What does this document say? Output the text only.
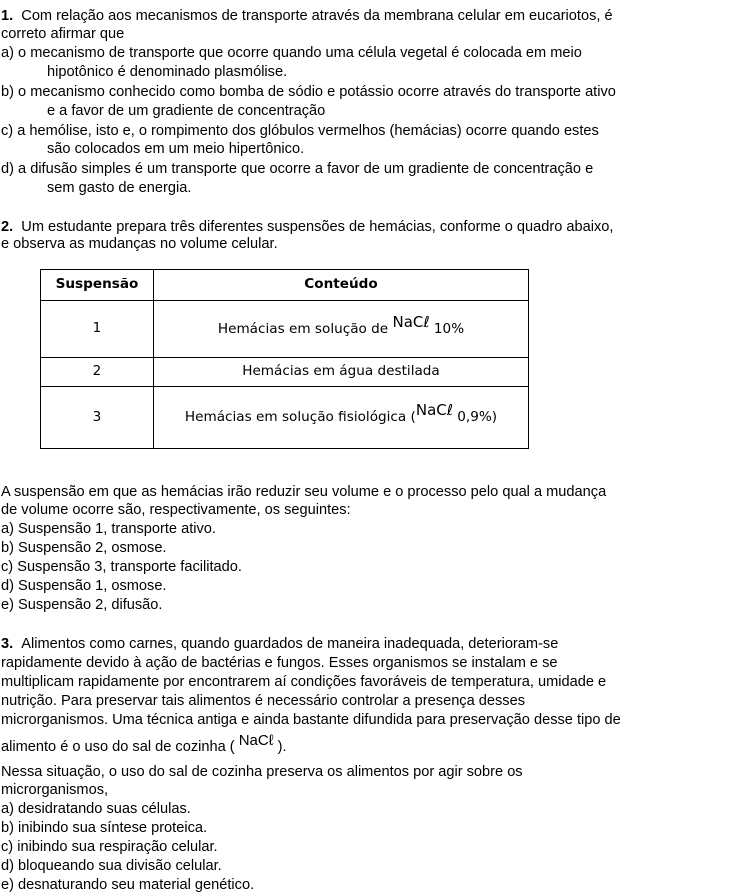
1. Com relação aos mecanismos de transporte através da membrana celular em eucariotos, é
correto afirmar que
a) o mecanismo de transporte que ocorre quando uma célula vegetal é colocada em meio
hipotônico é denominado plasmólise.
b) o mecanismo conhecido como bomba de sódio e potássio ocorre através do transporte ativo
e a favor de um gradiente de concentração
c) a hemólise, isto e, o rompimento dos glóbulos vermelhos (hemácias) ocorre quando estes
são colocados em um meio hipertônico.
d) a difusão simples é um transporte que ocorre a favor de um gradiente de concentração e
sem gasto de energia.
2. Um estudante prepara três diferentes suspensões de hemácias, conforme o quadro abaixo,
e observa as mudanças no volume celular.
Suspensão	Conteúdo
1	Hemácias em solução de NaCℓ 10%
2	Hemácias em água destilada
3	Hemácias em solução fisiológica (NaCℓ 0,9%)
A suspensão em que as hemácias irão reduzir seu volume e o processo pelo qual a mudança
de volume ocorre são, respectivamente, os seguintes:
a) Suspensão 1, transporte ativo.
b) Suspensão 2, osmose.
c) Suspensão 3, transporte facilitado.
d) Suspensão 1, osmose.
e) Suspensão 2, difusão.
3. Alimentos como carnes, quando guardados de maneira inadequada, deterioram-se
rapidamente devido à ação de bactérias e fungos. Esses organismos se instalam e se
multiplicam rapidamente por encontrarem aí condições favoráveis de temperatura, umidade e
nutrição. Para preservar tais alimentos é necessário controlar a presença desses
microrganismos. Uma técnica antiga e ainda bastante difundida para preservação desse tipo de
alimento é o uso do sal de cozinha ( NaCℓ ).
Nessa situação, o uso do sal de cozinha preserva os alimentos por agir sobre os
microrganismos,
a) desidratando suas células.
b) inibindo sua síntese proteica.
c) inibindo sua respiração celular.
d) bloqueando sua divisão celular.
e) desnaturando seu material genético.
